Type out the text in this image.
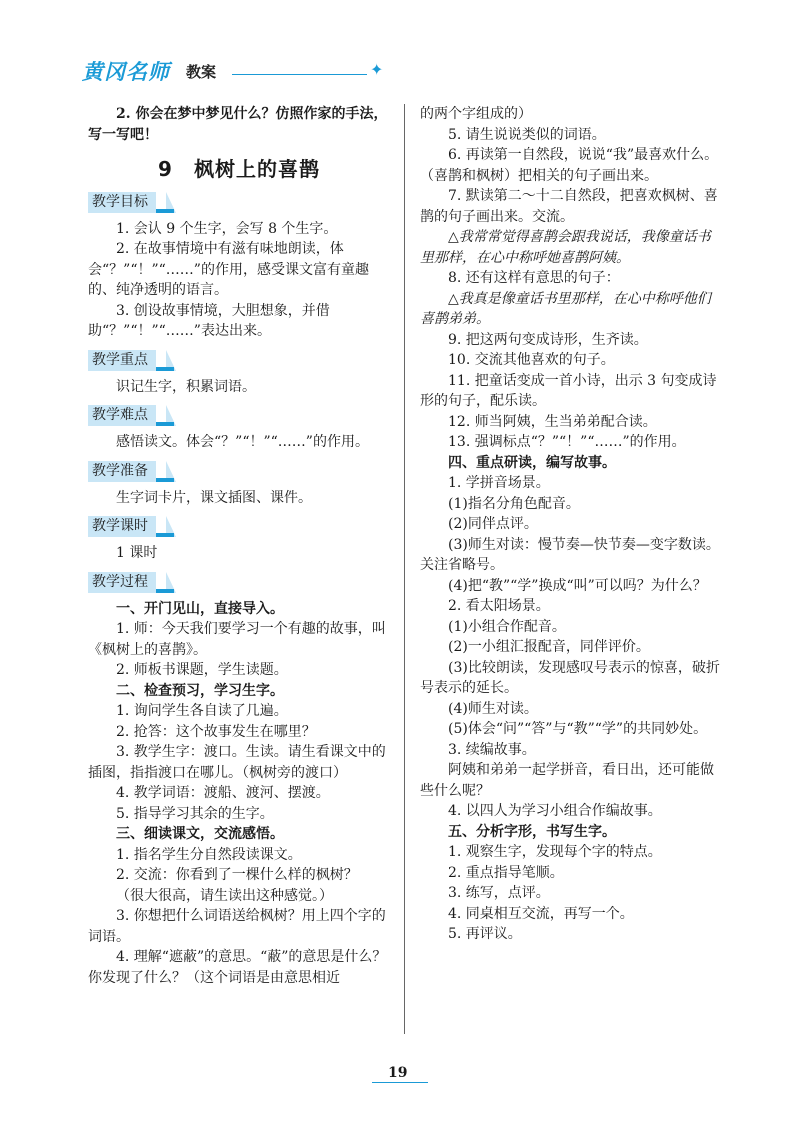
黄冈名师 教案	✦

2. 你会在梦中梦见什么？仿照作家的手法，写一写吧！

9　枫树上的喜鹊
教学目标

1. 会认 9 个生字，会写 8 个生字。

2. 在故事情境中有滋有味地朗读，体会“？”“！”“……”的作用，感受课文富有童趣的、纯净透明的语言。

3. 创设故事情境，大胆想象，并借助“？”“！”“……”表达出来。

教学重点

识记生字，积累词语。

教学难点

感悟读文。体会“？”“！”“……”的作用。

教学准备

生字词卡片，课文插图、课件。

教学课时

1 课时

教学过程

一、开门见山，直接导入。

1. 师：今天我们要学习一个有趣的故事，叫《枫树上的喜鹊》。

2. 师板书课题，学生读题。

二、检查预习，学习生字。

1. 询问学生各自读了几遍。

2. 抢答：这个故事发生在哪里？

3. 教学生字：渡口。生读。请生看课文中的插图，指指渡口在哪儿。（枫树旁的渡口）

4. 教学词语：渡船、渡河、摆渡。

5. 指导学习其余的生字。

三、细读课文，交流感悟。

1. 指名学生分自然段读课文。

2. 交流：你看到了一棵什么样的枫树？

（很大很高，请生读出这种感觉。）

3. 你想把什么词语送给枫树？用上四个字的词语。

4. 理解“遮蔽”的意思。“蔽”的意思是什么？你发现了什么？（这个词语是由意思相近

的两个字组成的）

5. 请生说说类似的词语。

6. 再读第一自然段，说说“我”最喜欢什么。（喜鹊和枫树）把相关的句子画出来。

7. 默读第二～十二自然段，把喜欢枫树、喜鹊的句子画出来。交流。

△我常常觉得喜鹊会跟我说话，我像童话书里那样，在心中称呼她喜鹊阿姨。

8. 还有这样有意思的句子：

△我真是像童话书里那样，在心中称呼他们喜鹊弟弟。

9. 把这两句变成诗形，生齐读。

10. 交流其他喜欢的句子。

11. 把童话变成一首小诗，出示 3 句变成诗形的句子，配乐读。

12. 师当阿姨，生当弟弟配合读。

13. 强调标点“？”“！”“……”的作用。

四、重点研读，编写故事。

1. 学拼音场景。

(1)指名分角色配音。

(2)同伴点评。

(3)师生对读：慢节奏—快节奏—变字数读。关注省略号。

(4)把“教”“学”换成“叫”可以吗？为什么？

2. 看太阳场景。

(1)小组合作配音。

(2)一小组汇报配音，同伴评价。

(3)比较朗读，发现感叹号表示的惊喜，破折号表示的延长。

(4)师生对读。

(5)体会“问”“答”与“教”“学”的共同妙处。

3. 续编故事。

阿姨和弟弟一起学拼音，看日出，还可能做些什么呢？

4. 以四人为学习小组合作编故事。

五、分析字形，书写生字。

1. 观察生字，发现每个字的特点。

2. 重点指导笔顺。

3. 练写，点评。

4. 同桌相互交流，再写一个。

5. 再评议。

19
